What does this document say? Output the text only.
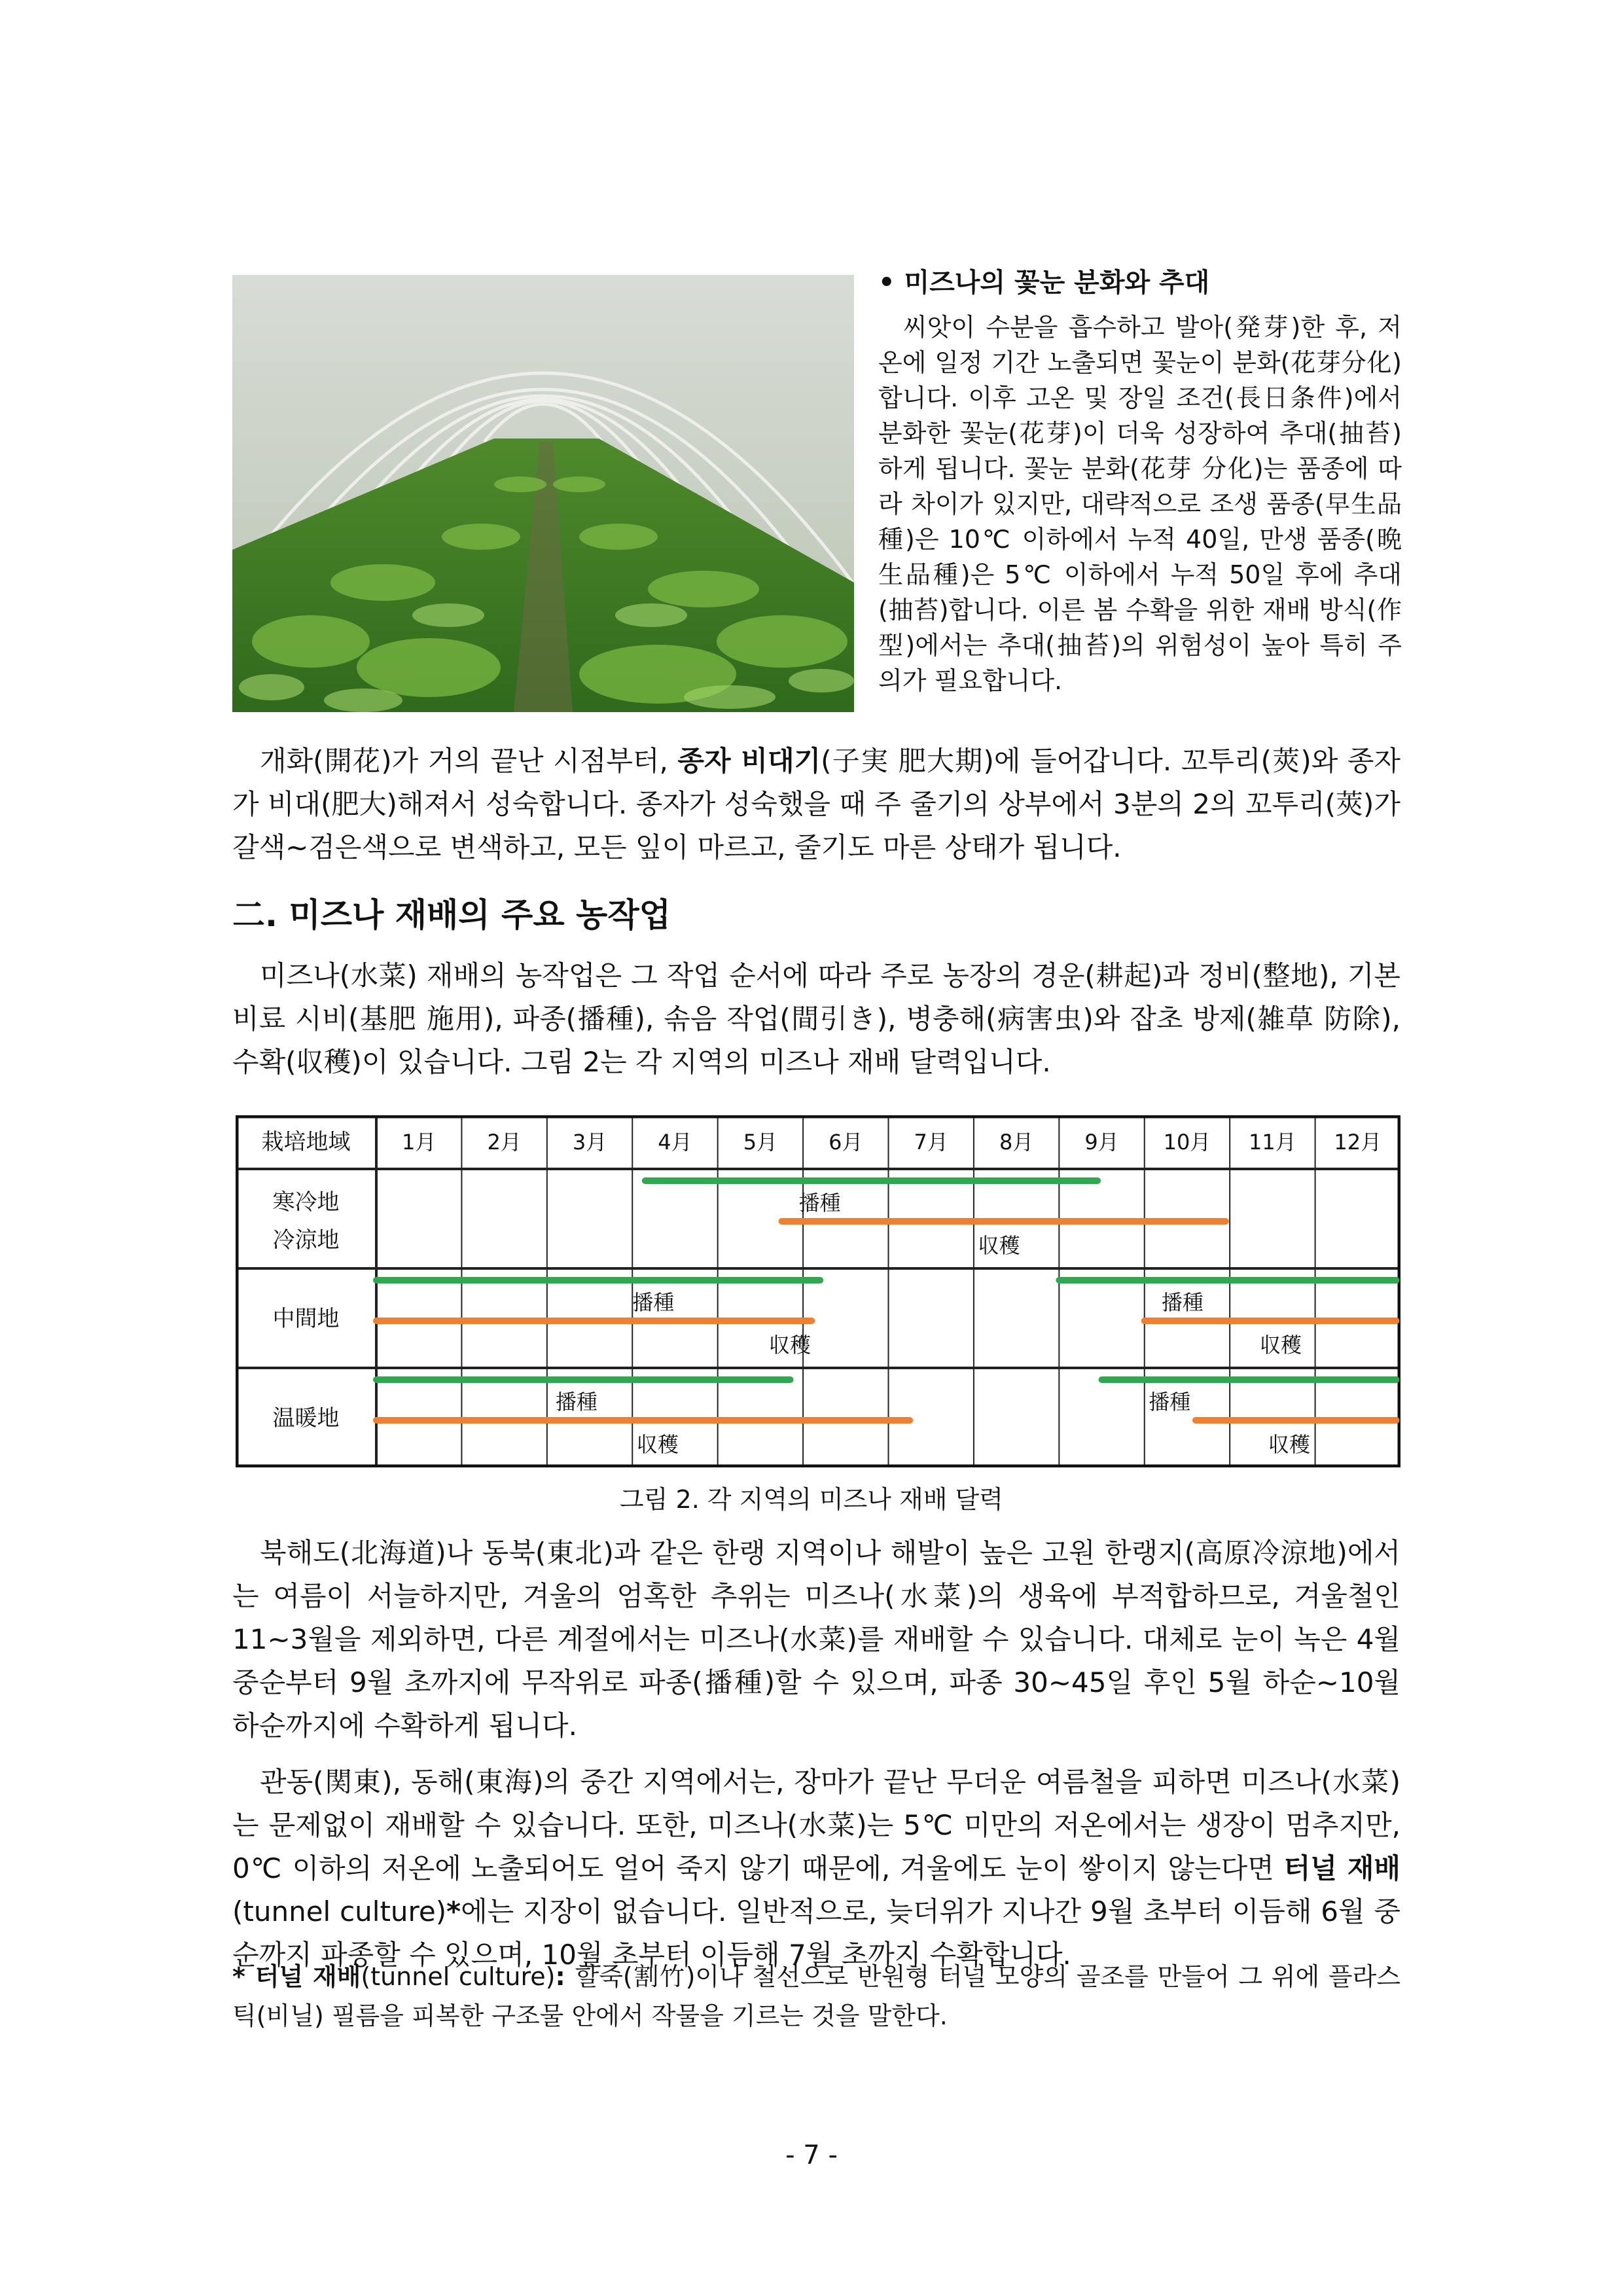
• 미즈나의 꽃눈 분화와 추대

씨앗이 수분을 흡수하고 발아(発芽)한 후, 저온에 일정 기간 노출되면 꽃눈이 분화(花芽分化)합니다. 이후 고온 및 장일 조건(長日条件)에서 분화한 꽃눈(花芽)이 더욱 성장하여 추대(抽苔)하게 됩니다. 꽃눈 분화(花芽 分化)는 품종에 따라 차이가 있지만, 대략적으로 조생 품종(早生品種)은 10℃ 이하에서 누적 40일, 만생 품종(晩生品種)은 5℃ 이하에서 누적 50일 후에 추대(抽苔)합니다. 이른 봄 수확을 위한 재배 방식(作型)에서는 추대(抽苔)의 위험성이 높아 특히 주의가 필요합니다.

개화(開花)가 거의 끝난 시점부터, 종자 비대기(子実 肥大期)에 들어갑니다. 꼬투리(莢)와 종자가 비대(肥大)해져서 성숙합니다. 종자가 성숙했을 때 주 줄기의 상부에서 3분의 2의 꼬투리(莢)가 갈색~검은색으로 변색하고, 모든 잎이 마르고, 줄기도 마른 상태가 됩니다.

二. 미즈나 재배의 주요 농작업

미즈나(水菜) 재배의 농작업은 그 작업 순서에 따라 주로 농장의 경운(耕起)과 정비(整地), 기본 비료 시비(基肥 施用), 파종(播種), 솎음 작업(間引き), 병충해(病害虫)와 잡초 방제(雑草 防除), 수확(収穫)이 있습니다. 그림 2는 각 지역의 미즈나 재배 달력입니다.

栽培地域 1月 2月 3月 4月 5月 6月 7月 8月 9月 10月 11月 12月
寒冷地
冷涼地
播種
収穫
中間地
播種
収穫
播種
収穫
温暖地
播種
収穫
播種
収穫
그림 2. 각 지역의 미즈나 재배 달력

북해도(北海道)나 동북(東北)과 같은 한랭 지역이나 해발이 높은 고원 한랭지(高原冷涼地)에서는 여름이 서늘하지만, 겨울의 엄혹한 추위는 미즈나(水菜)의 생육에 부적합하므로, 겨울철인 11~3월을 제외하면, 다른 계절에서는 미즈나(水菜)를 재배할 수 있습니다. 대체로 눈이 녹은 4월 중순부터 9월 초까지에 무작위로 파종(播種)할 수 있으며, 파종 30~45일 후인 5월 하순~10월 하순까지에 수확하게 됩니다.

관동(関東), 동해(東海)의 중간 지역에서는, 장마가 끝난 무더운 여름철을 피하면 미즈나(水菜)는 문제없이 재배할 수 있습니다. 또한, 미즈나(水菜)는 5℃ 미만의 저온에서는 생장이 멈추지만, 0℃ 이하의 저온에 노출되어도 얼어 죽지 않기 때문에, 겨울에도 눈이 쌓이지 않는다면 터널 재배(tunnel culture)*에는 지장이 없습니다. 일반적으로, 늦더위가 지나간 9월 초부터 이듬해 6월 중순까지 파종할 수 있으며, 10월 초부터 이듬해 7월 초까지 수확합니다.

* 터널 재배(tunnel culture): 할죽(割竹)이나 철선으로 반원형 터널 모양의 골조를 만들어 그 위에 플라스틱(비닐) 필름을 피복한 구조물 안에서 작물을 기르는 것을 말한다.

- 7 -
